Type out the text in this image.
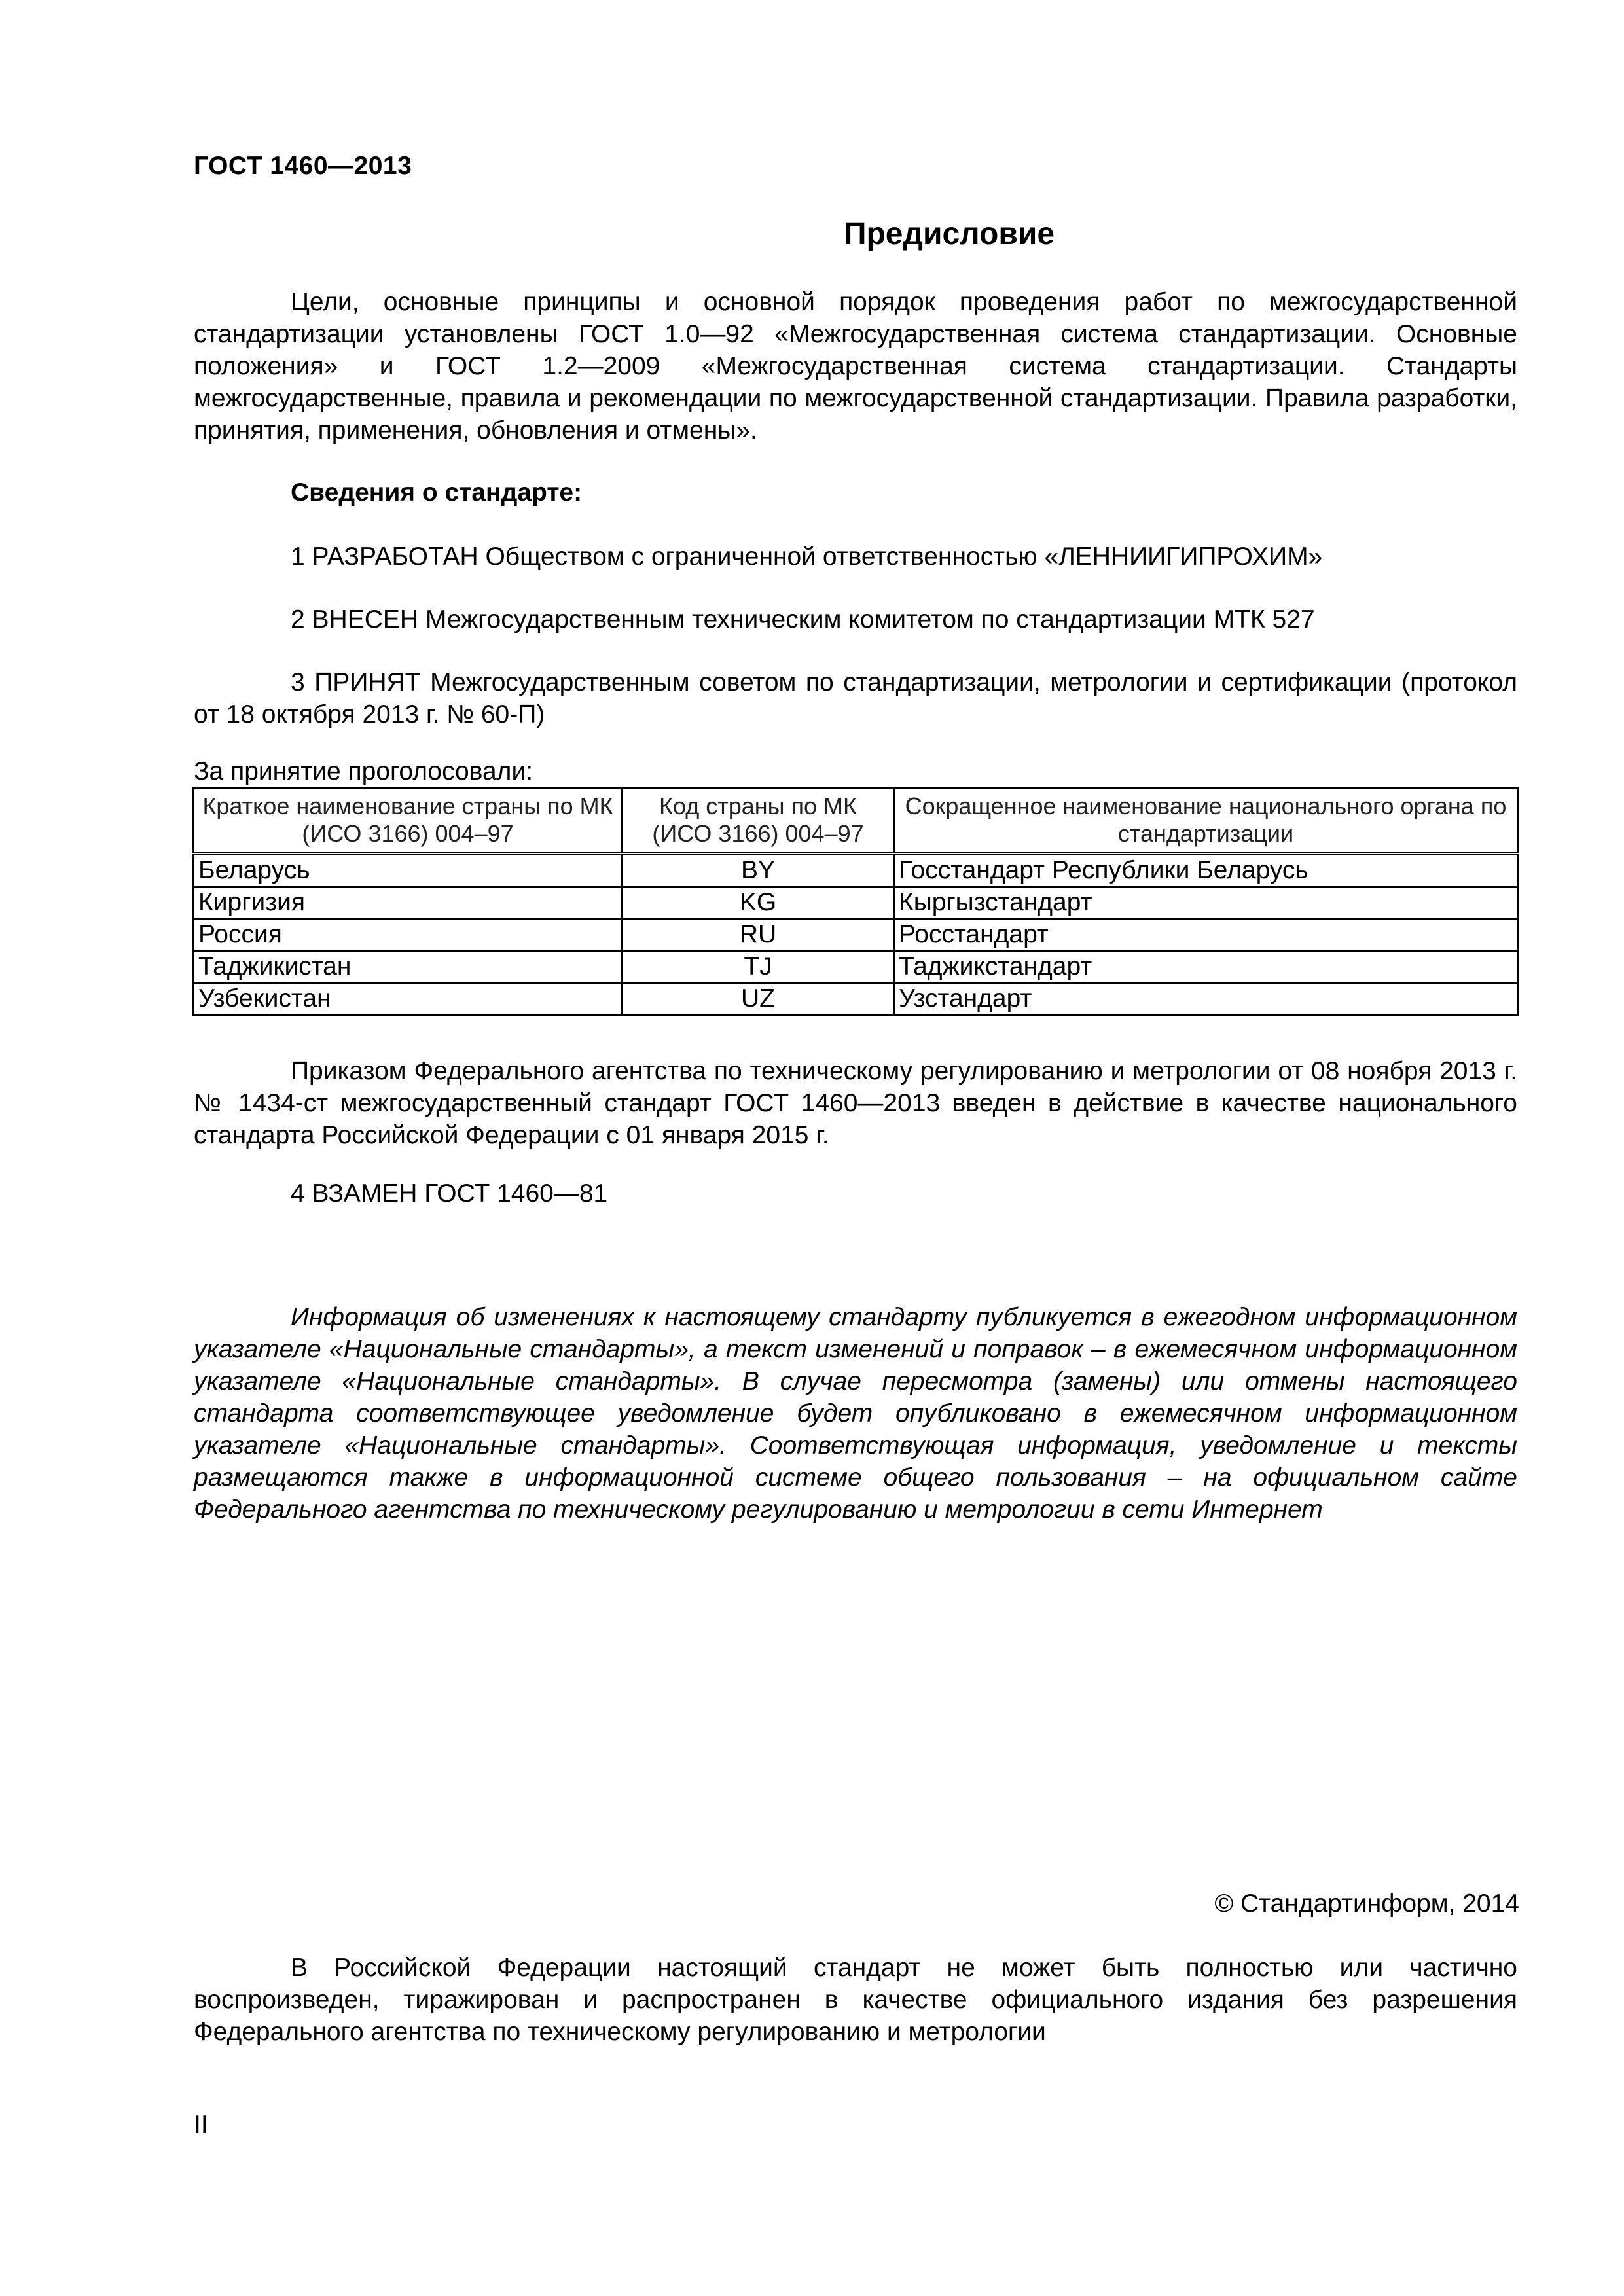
ГОСТ 1460—2013
Предисловие

Цели, основные принципы и основной порядок проведения работ по межгосударственной стандартизации установлены ГОСТ 1.0—92 «Межгосударственная система стандартизации. Основные положения» и ГОСТ 1.2—2009 «Межгосударственная система стандартизации. Стандарты межгосударственные, правила и рекомендации по межгосударственной стандартизации. Правила разработки, принятия, применения, обновления и отмены».

Сведения о стандарте:
1 РАЗРАБОТАН Обществом с ограниченной ответственностью «ЛЕННИИГИПРОХИМ»
2 ВНЕСЕН Межгосударственным техническим комитетом по стандартизации МТК 527

3 ПРИНЯТ Межгосударственным советом по стандартизации, метрологии и сертификации (протокол от 18 октября 2013 г. № 60-П)

За принятие проголосовали:
Краткое наименование страны по МК (ИСО 3166) 004–97	Код страны по МК (ИСО 3166) 004–97	Сокращенное наименование национального органа по стандартизации
Беларусь	BY	Госстандарт Республики Беларусь
Киргизия	KG	Кыргызстандарт
Россия	RU	Росстандарт
Таджикистан	TJ	Таджикстандарт
Узбекистан	UZ	Узстандарт

Приказом Федерального агентства по техническому регулированию и метрологии от 08 ноября 2013 г. № 1434-ст межгосударственный стандарт ГОСТ 1460—2013 введен в действие в качестве национального стандарта Российской Федерации с 01 января 2015 г.

4 ВЗАМЕН ГОСТ 1460—81

Информация об изменениях к настоящему стандарту публикуется в ежегодном информационном указателе «Национальные стандарты», а текст изменений и поправок – в ежемесячном информационном указателе «Национальные стандарты». В случае пересмотра (замены) или отмены настоящего стандарта соответствующее уведомление будет опубликовано в ежемесячном информационном указателе «Национальные стандарты». Соответствующая информация, уведомление и тексты размещаются также в информационной системе общего пользования – на официальном сайте Федерального агентства по техническому регулированию и метрологии в сети Интернет

© Стандартинформ, 2014

В Российской Федерации настоящий стандарт не может быть полностью или частично воспроизведен, тиражирован и распространен в качестве официального издания без разрешения Федерального агентства по техническому регулированию и метрологии

II
